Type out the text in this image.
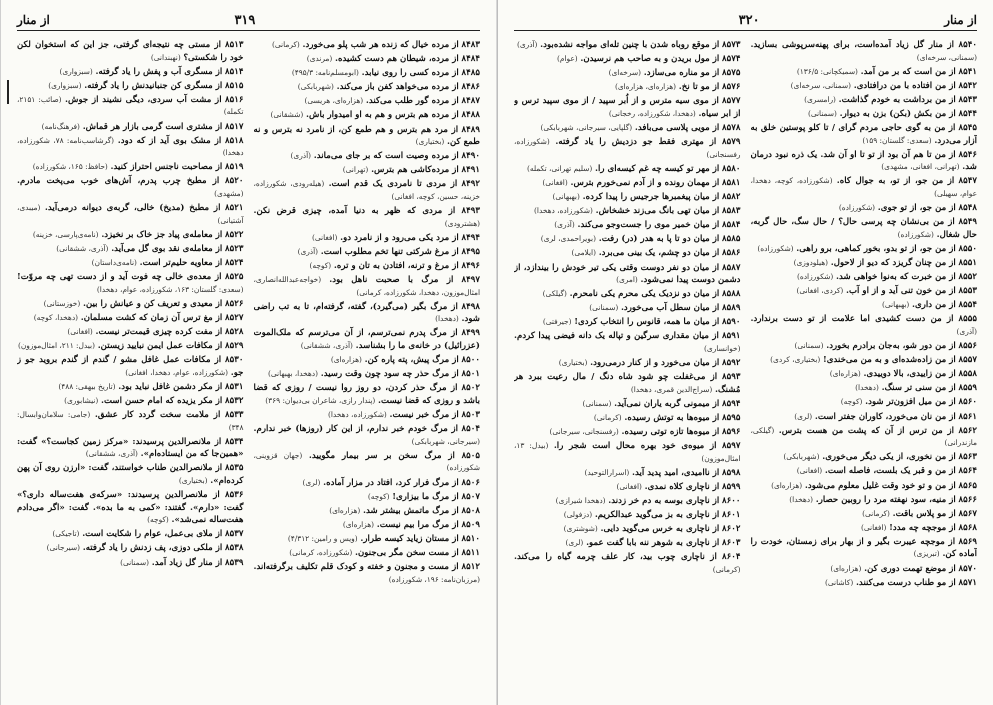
از منار
۳۲۰
۸۵۴۰ از منار گل زیاد آمده‌است، برای پهنه‌سرپوشی بسازید. (سمنانی، سرخه‌ای)
۸۵۴۱ از من است که بر من آمد. (سمیکچانی: ۱۳۶/۵)
۸۵۴۲ از من افتاده با من درافتادی. (سمنانی، سرخه‌ای)
۸۵۴۳ از من برداشت به خودم گذاشت. (رامسری)
۸۵۴۴ از من بکش (بکن) بزن به دیوار. (سمنانی)
۸۵۴۵ از من به گوی حاجی مردم گرای / تا کلو پوستین خلق به آزار می‌درد. (سعدی: گلستان: ۱۵۹)
۸۵۴۶ از من تا هم آن بود از تو تا او آن شد. یک ذره نبود درمان شد. (تهرانی، افغانی، مشهدی)
۸۵۴۷ از من جو، از تو، به جوال کاه. (شکورزاده، کوچه، دهخدا، عوام، سهیلی)
۸۵۴۸ از من جو، از تو جوی. (شکورزاده)
۸۵۴۹ از من بی‌نشان چه پرسی حال؟ / حال سگ، حال گربه، حال شغال. (شکورزاده)
۸۵۵۰ از من جو، از تو بدو، بخور کماهی، برو راهی. (شکورزاده)
۸۵۵۱ از من چنان گریزد که دیو از لاحول. (هیلودوزی)
۸۵۵۲ از من خبرت که به‌نوا خواهی شد. (شکورزاده)
۸۵۵۳ از من خون تنی آید و از او آب. (کردی، افغانی)
۸۵۵۴ از من داری. (بهبهانی)
۸۵۵۵ از من دست کشیدی اما علامت از تو دست برندارد. (آذری)
۸۵۵۶ از من دور شو، به‌جان برادرم بخورد. (سمنانی)
۸۵۵۷ از من زاده‌شده‌ای و به من می‌خندی! (بختیاری، کردی)
۸۵۵۸ از من زاییدی، بالا دوییدی. (هزاره‌ای)
۸۵۵۹ از من سنی تر سنگ. (دهخدا)
۸۵۶۰ از من میل افزون‌تر شود. (کوچه)
۸۵۶۱ از من نان می‌خورد، کاوران جفتر است. (لری)
۸۵۶۲ از من ترس از آن که پشت من هست بترس. (گیلکی، مازندرانی)
۸۵۶۳ از من نخوری، از یکی دیگر می‌خوری. (شهربابکی)
۸۵۶۴ از من و قبر یک بلست، فاصله است. (افغانی)
۸۵۶۵ از من و تو خود وقت غلیل معلوم می‌شود. (هزاره‌ای)
۸۵۶۶ از منیه، سود نهفته مرد را روبین حصار. (دهخدا)
۸۵۶۷ از مو پلاس باقت. (کرمانی)
۸۵۶۸ از موجچه چه مدد! (افغانی)
۸۵۶۹ از موجچه عیبرت بگیر و از بهار برای زمستان، خودت را آماده کن. (تبریزی)
۸۵۷۰ از موضع تهمت دوری کن. (هزاره‌ای)
۸۵۷۱ از مو طناب درست می‌کنند. (کاشانی)
۸۵۷۳ از موقع روباه شدن با چنین تله‌ای مواجه نشده‌بود. (آذری)
۸۵۷۴ از مول بریدن و به صاحب هم نرسیدن. (عوام)
۸۵۷۵ از مو مناره می‌سازد. (سرخه‌ای)
۸۵۷۶ از مو تا نخ. (هزاره‌ای، هزاره‌ای)
۸۵۷۷ از موی سیه مترس و از اُبر سپید / از موی سپید ترس و از ابر سیاه. (دهخدا، شکورزاده، رخجانی)
۸۵۷۸ از مویی پلاسی می‌بافد. (گلپایی، سیرجانی، شهربابکی)
۸۵۷۹ از مهتری فقط جو دزدیش را یاد گرفته. (شکورزاده، رفسنجانی)
۸۵۸۰ از مهر تو کیسه چه غم کیسه‌ای را. (سلیم تهرانی، تکمله)
۸۵۸۱ از مهمان رونده و از آدم نمی‌خورم بترس. (افغانی)
۸۵۸۲ از میان پیغمبرها جرجیس را پیدا کرده. (بهبهانی)
۸۵۸۳ از میان تهی بانگ می‌زند خشخاش. (شکورزاده، دهخدا)
۸۵۸۴ از میان خمیر موی را جست‌وجو می‌کند. (آذری)
۸۵۸۵ از میان دو تا پا به هدر (در) رفت. (بویراحمدی، لری)
۸۵۸۶ از میان دو چشم، یک بینی می‌برد. (ایلامی)
۸۵۸۷ از میان دو نفر دوست وقتی یکی تیر خودش را بیندازد، از دشمن دوست پیدا نمی‌شود. (امری)
۸۵۸۸ از میان دو نزدیک یکی محرم یکی نامحرم. (گیلکی)
۸۵۸۹ از میان سطل آب می‌خورد. (سمنانی)
۸۵۹۰ از میان ما همه، قانوس را انتخاب کردی! (جیرفتی)
۸۵۹۱ از میان مقداری سرگین و تپاله یک دانه فیضی پیدا کردم. (خوانساری)
۸۵۹۲ از میان می‌خورد و از کنار درمی‌رود. (بختیاری)
۸۵۹۳ از می‌غفلت چو شود شاه دنگ / مال رعیت ببرد هر مُشنگ. (سراج‌الدین قمری، دهخدا)
۸۵۹۴ از میمونی گربه یاران نمی‌آید. (سمنانی)
۸۵۹۵ از میوه‌ها به توتش رسیده. (کرمانی)
۸۵۹۶ از میوه‌ها تازه توتی رسیده. (رفسنجانی، سیرجانی)
۸۵۹۷ از میوه‌ی خود بهره محال است شجر را. (بیدل: ۱۳، امثال‌موزون)
۸۵۹۸ از ناامیدی، امید پدید آید. (اسرارالتوحید)
۸۵۹۹ از ناچاری کلاه نمدی. (افغانی)
۸۶۰۰ از ناچاری بوسه به دم خر زدند. (دهخدا شیرازی)
۸۶۰۱ از ناچاری به بز می‌گوید عبدالکریم. (دزفولی)
۸۶۰۲ از ناچاری به خرس می‌گوید دایی. (شوشتری)
۸۶۰۳ از ناچاری به شوهر ننه بابا گفت عمو. (لری)
۸۶۰۴ از ناچاری چوب بید، کار علف چرمه گیاه را می‌کند. (کرمانی)
۳۱۹
از منار
۸۴۸۳ از مرده خیال که زنده هر شب پلو می‌خورد. (کرمانی)
۸۴۸۴ از مرده، شیطان هم دست کشیده. (مرندی)
۸۴۸۵ از مرده کسی را روی نیابد. (ابومسلم‌نامه: ۴۹۵/۳)
۸۴۸۶ از مرده می‌خواهد کفن باز می‌کند. (شهربابکی)
۸۴۸۷ از مرده گور طلب می‌کند. (هزاره‌ای، هریسی)
۸۴۸۸ از مرده هم بترس و هم به او امیدوار باش. (ششقانی)
۸۴۸۹ از مرد هم بترس و هم طمع کن، از نامرد نه بترس و نه طمع کن. (بختیاری)
۸۴۹۰ از مرده وصیت است که بر جای می‌ماند. (آذری)
۸۴۹۱ از مرده‌کاشی هم بترس. (تهرانی)
۸۴۹۲ از مردی تا نامردی یک قدم است. (هیله‌رودی، شکورزاده، خزینه، حسین، کوچه، افغانی)
۸۴۹۳ از مردی که ظهر به دنیا آمده، چیزی قرض نکن. (هشترودی)
۸۴۹۴ از مرد یکی می‌رود و از نامرد دو. (افغانی)
۸۴۹۵ از مرغ شرکتی تنها تخم مطلوب است. (آذری)
۸۴۹۶ از مرغ و ترنه، افتادن به تان و تره. (کوچه)
۸۴۹۷ از مرگ با صحبت ناهل بود. (خواجه‌عبدالله‌انصاری، امثال‌موزون، دهخدا، شکورزاده، کرمانی)
۸۴۹۸ از مرگ بگیر (می‌گیرد)، گفته، گرفته‌ام، تا به تب راضی شود. (دهخدا)
۸۴۹۹ از مرگ پدرم نمی‌ترسم، از آن می‌ترسم که ملک‌الموت (عزرائیل) در خانه‌ی ما را بشناسد. (آذری، ششقانی)
۸۵۰۰ از مرگ پیش، پته پاره کن. (هزاره‌ای)
۸۵۰۱ از مرگ حذر چه سود چون وقت رسید. (دهخدا، بهبهانی)
۸۵۰۲ از مرگ حذر کردن، دو روز روا نیست / روزی که قضا باشد و روزی که قضا نیست. (پندار رازی، شاعران بی‌دیوان: ۳۶۹)
۸۵۰۳ از مرگ خبر نیست. (شکورزاده، دهخدا)
۸۵۰۴ از مرگ خودم خبر ندارم، از این کار (روزها) خبر ندارم. (سیرجانی، شهربابکی)
۸۵۰۵ از مرگ سخن بر سر بیمار مگویید. (جهان قزوینی، شکورزاده)
۸۵۰۶ از مرگ فرار کرد، افتاد در مزار آماده. (لری)
۸۵۰۷ از مرگ ما بیزاری! (کوچه)
۸۵۰۸ از مرگ ماتمش بیشتر شد. (هزاره‌ای)
۸۵۰۹ از مرگ مرا بیم نیست. (هزاره‌ای)
۸۵۱۰ از مستان زیاید کیسه طرار. (ویس و رامین: ۴/۳۱۲)
۸۵۱۱ از مست سخن مگر بی‌جنون. (شکورزاده، کرمانی)
۸۵۱۲ از مست و مجنون و خفته و کودک قلم تکلیف برگرفته‌اند. (مرزبان‌نامه: ۱۹۶، شکورزاده)
۸۵۱۳ از مستی چه نتیجه‌ای گرفتی، جز این که استخوان لکن خود را شکستی؟ (نهبندانی)
۸۵۱۴ از مسگری آب و پفش را یاد گرفته. (سبزواری)
۸۵۱۵ از مسگری کن جنبانیدنش را یاد گرفته. (سبزواری)
۸۵۱۶ از مشت آب سردی، دیگی نشیند از جوش. (صائب: ۲۱۵۱، تکمله)
۸۵۱۷ از مشتری است گرمی بازار هر قماش. (فرهنگ‌نامه)
۸۵۱۸ از مشک بوی آید از که دود. (گرشاسب‌نامه: ۷۸، شکورزاده، دهخدا)
۸۵۱۹ از مصاحبت ناجنس احتراز کنید. (حافظ: ۱۶۵، شکورزاده)
۸۵۲۰ از مطبخ چرب پدرم، آش‌های خوب می‌پخت مادرم. (مشهدی)
۸۵۲۱ از مطبخ (مدیخ) خالی، گربه‌ی دیوانه درمی‌آید. (میبدی، آشتیانی)
۸۵۲۲ از معامله‌ی پیاد جز خاک بر نخیزد. (نامه‌ی‌پارسی، خزینه)
۸۵۲۳ از معامله‌ی نقد بوی گل می‌آید. (آذری، ششقانی)
۸۵۲۴ از معاویه حلیم‌تر است. (نامه‌ی‌داستان)
۸۵۲۵ از معده‌ی خالی چه فوت آید و از دست تهی چه مروّت! (سعدی: گلستان: ۱۶۳، شکورزاده، عوام، دهخدا)
۸۵۲۶ از معیدی و تعریف کن و عیانش را بین. (خوزستانی)
۸۵۲۷ از مغ ترس آن زمان که کشت مسلمان. (دهخدا، کوچه)
۸۵۲۸ از مفت کرده چیزی قیمت‌تر نیست. (افغانی)
۸۵۲۹ از مکافات عمل ایمن نبایید زیستن. (بیدل: ۲۱۱، امثال‌موزون)
۸۵۳۰ از مکافات عمل غافل مشو / گندم از گندم بروید جو ز جو. (شکورزاده، عوام، دهخدا، افغانی)
۸۵۳۱ از مکر دشمن غافل نباید بود. (تاریخ بیهقی: ۴۸۸)
۸۵۳۲ از مکر یزیده که امام حسن است. (نیشابوری)
۸۵۳۳ از ملامت سخت گردد کار عشق. (جامی: سلامان‌وابسال: ۳۴۸)
۸۵۳۴ از ملانصرالدین پرسیدند: «مرکز زمین کجاست؟» گفت: «همین‌جا که من ایستاده‌ام». (آذری، ششقانی)
۸۵۳۵ از ملانصرالدین طناب خواستند، گفت: «ارزن روی آن پهن کرده‌ام». (بختیاری)
۸۵۳۶ از ملانصرالدین پرسیدند: «سرکه‌ی هفت‌ساله داری؟» گفت: «دارم». گفتند: «کمی به ما بده». گفت: «اگر می‌دادم هفت‌ساله نمی‌شد». (کوچه)
۸۵۳۷ از ملای بی‌عمل، عوام را شکایت است. (تاجیکی)
۸۵۳۸ از ملکی دوزی، پف زدنش را یاد گرفته. (سیرجانی)
۸۵۳۹ از منار گل زیاد آمد. (سمنانی)
